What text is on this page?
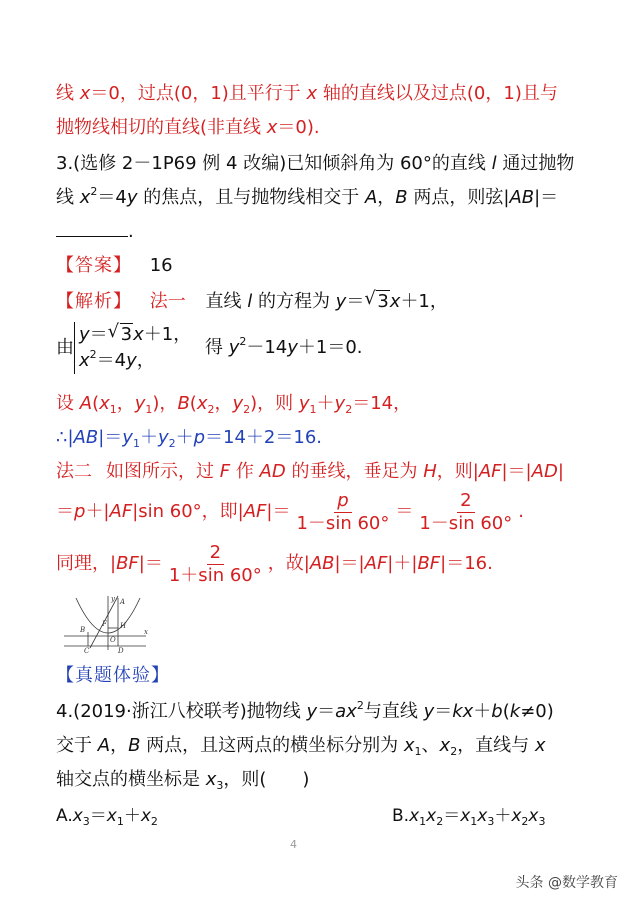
线 x＝0，过点(0，1)且平行于 x 轴的直线以及过点(0，1)且与
抛物线相切的直线(非直线 x＝0).
3.(选修 2－1P69 例 4 改编)已知倾斜角为 60°的直线 l 通过抛物
线 $x^2=4y$ 的焦点，且与抛物线相交于 A，B 两点，则弦|AB|＝
.
【答案】 16
【解析】 法一 直线 l 的方程为 y＝ √ 3x＋1，
由
y＝ √ 3x＋1，
$x^2=4y$，
得 $y^2-14y+1=0$.
设 $A(x_1$，$y_1$)，$B(x_2$，$y_2$)，则 $y_1+y_2=14$，
$\therefore|AB|=y_1+y_2+p=14+2=16$.
法二 如图所示，过 F 作 AD 的垂线，垂足为 H，则|AF|＝|AD|
＝p＋|AF|sin 60°，即$|AF|= \frac{p}{1-\sin 60^\circ} = \frac{2}{1-\sin 60^\circ}$ .
同理，$|BF|= \frac{2}{1+\sin 60^\circ}$ ，故|AB|＝|AF|＋|BF|＝16.
y
x
A
B
F H
C	D
O
【真题体验】
4.(2019·浙江八校联考)抛物线 $y=ax^2$与直线 y＝kx＋b(k≠0)
交于 A，B 两点，且这两点的横坐标分别为 $x_1$、$x_2$，直线与 x
轴交点的横坐标是 $x_3$，则(　　)
$A.x_3=x_1+x_2$	$B.x_1x_2=x_1x_3+x_2x_3$
4
头条 @数学教育
